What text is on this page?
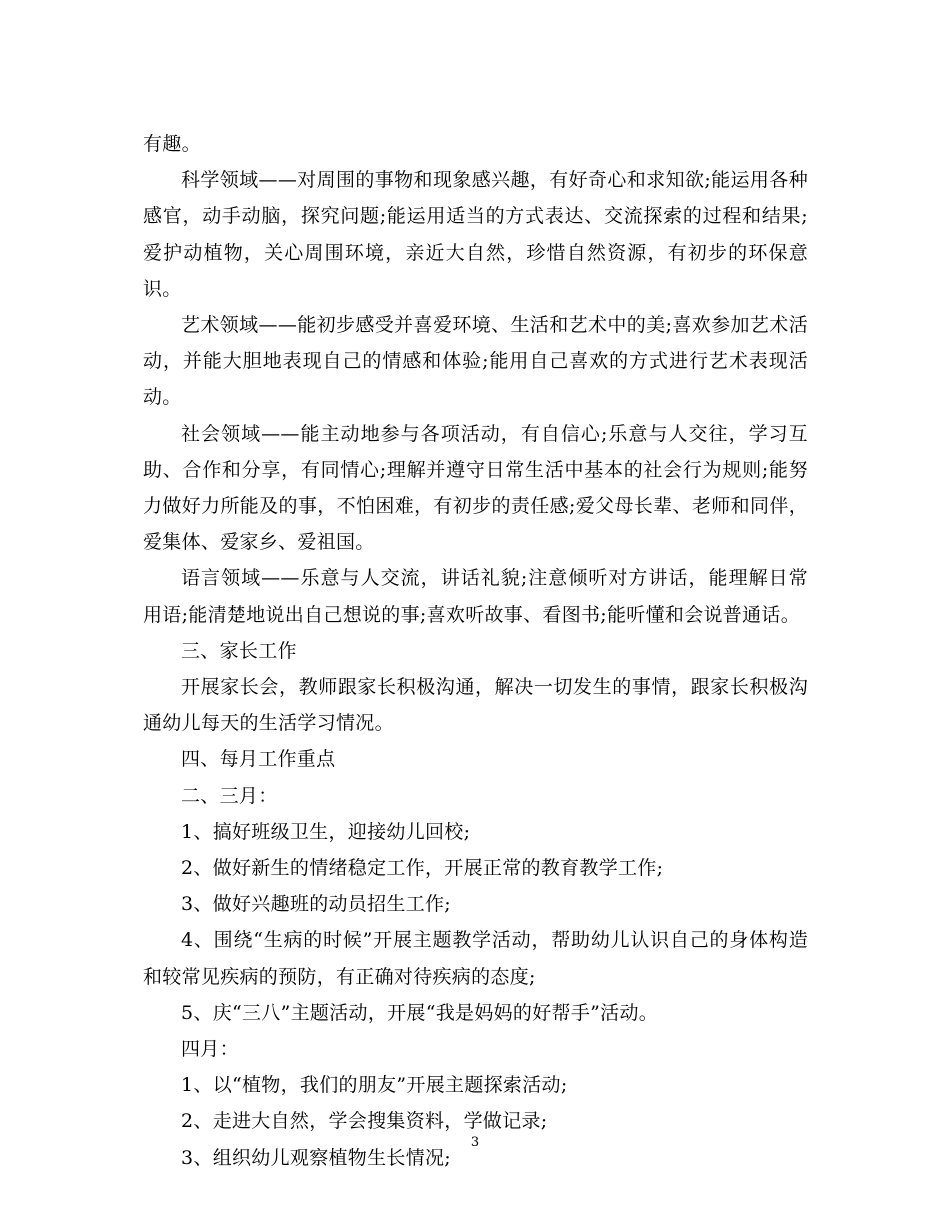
有趣。

科学领域——对周围的事物和现象感兴趣，有好奇心和求知欲;能运用各种感官，动手动脑，探究问题;能运用适当的方式表达、交流探索的过程和结果;爱护动植物，关心周围环境，亲近大自然，珍惜自然资源，有初步的环保意识。

艺术领域——能初步感受并喜爱环境、生活和艺术中的美;喜欢参加艺术活动，并能大胆地表现自己的情感和体验;能用自己喜欢的方式进行艺术表现活动。

社会领域——能主动地参与各项活动，有自信心;乐意与人交往，学习互助、合作和分享，有同情心;理解并遵守日常生活中基本的社会行为规则;能努力做好力所能及的事，不怕困难，有初步的责任感;爱父母长辈、老师和同伴，爱集体、爱家乡、爱祖国。

语言领域——乐意与人交流，讲话礼貌;注意倾听对方讲话，能理解日常 用语;能清楚地说出自己想说的事;喜欢听故事、看图书;能听懂和会说普通话。

三、家长工作

开展家长会，教师跟家长积极沟通，解决一切发生的事情，跟家长积极沟通幼儿每天的生活学习情况。

四、每月工作重点

二、三月：

1、搞好班级卫生，迎接幼儿回校;

2、做好新生的情绪稳定工作，开展正常的教育教学工作;

3、做好兴趣班的动员招生工作;

4、围绕“生病的时候”开展主题教学活动，帮助幼儿认识自己的身体构造和较常见疾病的预防，有正确对待疾病的态度;

5、庆“三八”主题活动，开展“我是妈妈的好帮手”活动。

四月：

1、以“植物，我们的朋友”开展主题探索活动;

2、走进大自然，学会搜集资料，学做记录;

3、组织幼儿观察植物生长情况;

3
